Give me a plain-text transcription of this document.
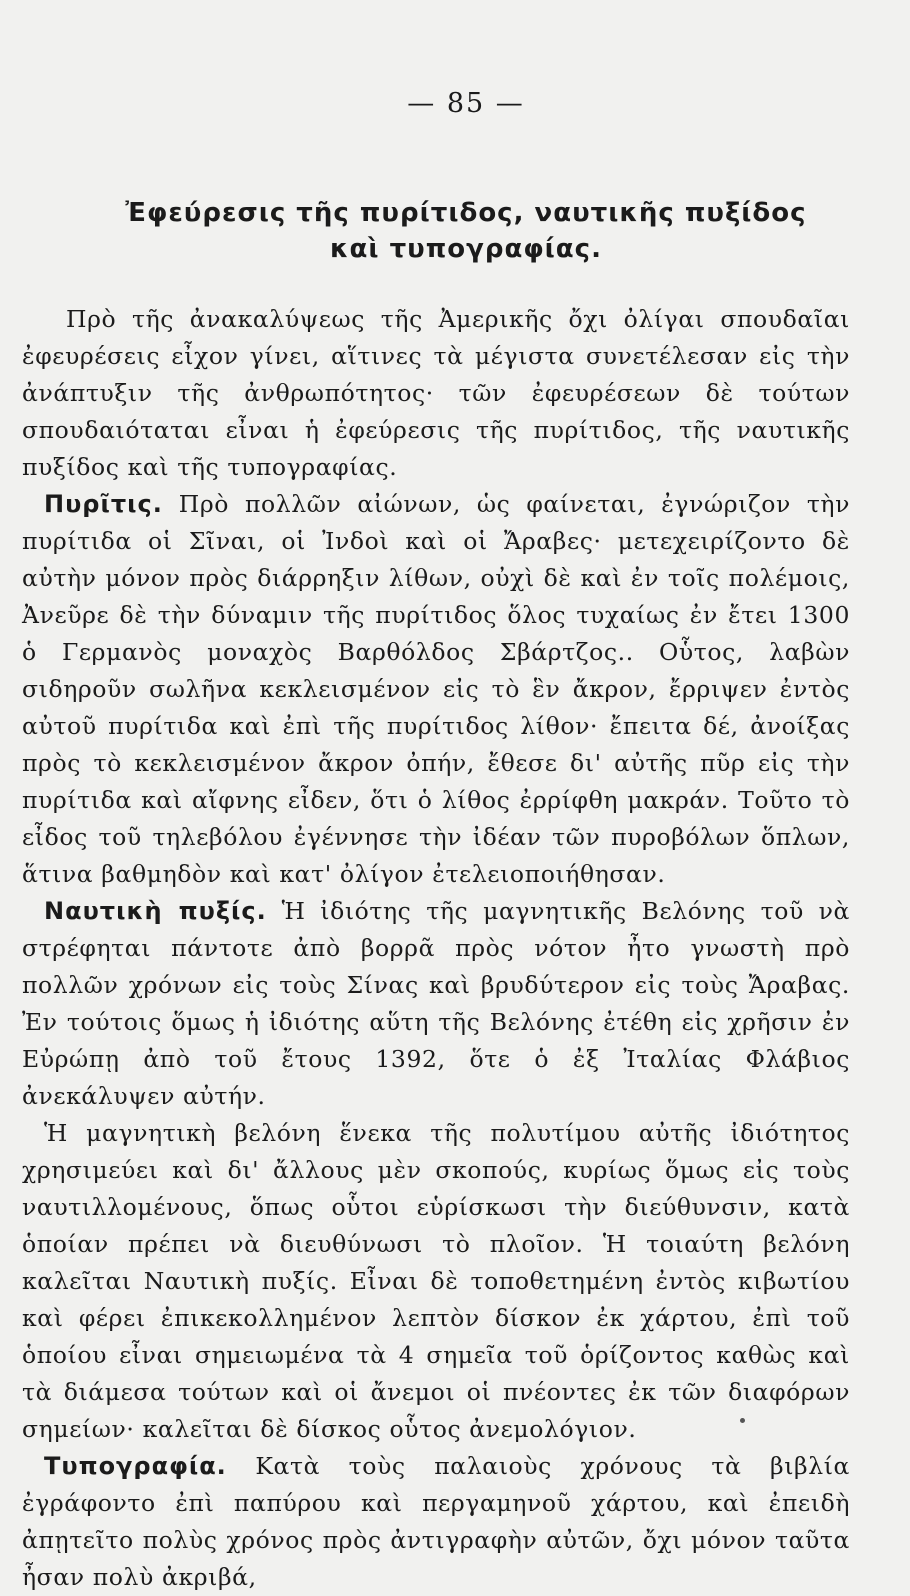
— 85 —
Ἐφεύρεσις τῆς πυρίτιδος, ναυτικῆς πυξίδος
καὶ τυπογραφίας.

Πρὸ τῆς ἀνακαλύψεως τῆς Ἀμερικῆς ὄχι ὀλίγαι σπουδαῖαι ἐφευρέσεις εἶχον γίνει, αἵτινες τὰ μέγιστα συνετέλεσαν εἰς τὴν ἀνάπτυξιν τῆς ἀνθρωπότητος· τῶν ἐφευρέσεων δὲ τούτων σπουδαιόταται εἶναι ἡ ἐφεύρεσις τῆς πυρίτιδος, τῆς ναυτικῆς πυξίδος καὶ τῆς τυπογραφίας.

Πυρῖτις. Πρὸ πολλῶν αἰώνων, ὡς φαίνεται, ἐγνώριζον τὴν πυρίτιδα οἱ Σῖναι, οἱ Ἰνδοὶ καὶ οἱ Ἄραβες· μετεχειρίζοντο δὲ αὐτὴν μόνον πρὸς διάρρηξιν λίθων, οὐχὶ δὲ καὶ ἐν τοῖς πολέμοις, Ἀνεῦρε δὲ τὴν δύναμιν τῆς πυρίτιδος ὅλος τυχαίως ἐν ἔτει 1300 ὁ Γερμανὸς μοναχὸς Βαρθόλδος Σβάρτζος.. Οὗτος, λαβὼν σιδηροῦν σωλῆνα κεκλεισμένον εἰς τὸ ἓν ἄκρον, ἔρριψεν ἐντὸς αὐτοῦ πυρίτιδα καὶ ἐπὶ τῆς πυρίτιδος λίθον· ἔπειτα δέ, ἀνοίξας πρὸς τὸ κεκλεισμένον ἄκρον ὀπήν, ἔθεσε δι' αὐτῆς πῦρ εἰς τὴν πυρίτιδα καὶ αἴφνης εἶδεν, ὅτι ὁ λίθος ἐρρίφθη μακράν. Τοῦτο τὸ εἶδος τοῦ τηλεβόλου ἐγέννησε τὴν ἰδέαν τῶν πυροβόλων ὅπλων, ἅτινα βαθμηδὸν καὶ κατ' ὀλίγον ἐτελειοποιήθησαν.

Ναυτικὴ πυξίς. Ἡ ἰδιότης τῆς μαγνητικῆς Βελόνης τοῦ νὰ στρέφηται πάντοτε ἀπὸ βορρᾶ πρὸς νότον ἦτο γνωστὴ πρὸ πολλῶν χρόνων εἰς τοὺς Σίνας καὶ βρυδύτερον εἰς τοὺς Ἄραβας. Ἐν τούτοις ὅμως ἡ ἰδιότης αὕτη τῆς Βελόνης ἐτέθη εἰς χρῆσιν ἐν Εὐρώπῃ ἀπὸ τοῦ ἔτους 1392, ὅτε ὁ ἐξ Ἰταλίας Φλάβιος ἀνεκάλυψεν αὐτήν.

Ἡ μαγνητικὴ βελόνη ἕνεκα τῆς πολυτίμου αὐτῆς ἰδιότητος χρησιμεύει καὶ δι' ἄλλους μὲν σκοπούς, κυρίως ὅμως εἰς τοὺς ναυτιλλομένους, ὅπως οὗτοι εὑρίσκωσι τὴν διεύθυνσιν, κατὰ ὁποίαν πρέπει νὰ διευθύνωσι τὸ πλοῖον. Ἡ τοιαύτη βελόνη καλεῖται Ναυτικὴ πυξίς. Εἶναι δὲ τοποθετημένη ἐντὸς κιβωτίου καὶ φέρει ἐπικεκολλημένον λεπτὸν δίσκον ἐκ χάρτου, ἐπὶ τοῦ ὁποίου εἶναι σημειωμένα τὰ 4 σημεῖα τοῦ ὁρίζοντος καθὼς καὶ τὰ διάμεσα τούτων καὶ οἱ ἄνεμοι οἱ πνέοντες ἐκ τῶν διαφόρων σημείων· καλεῖται δὲ δίσκος οὗτος ἀνεμολόγιον.

Τυπογραφία. Κατὰ τοὺς παλαιοὺς χρόνους τὰ βιβλία ἐγράφοντο ἐπὶ παπύρου καὶ περγαμηνοῦ χάρτου, καὶ ἐπειδὴ ἀπῃτεῖτο πολὺς χρόνος πρὸς ἀντιγραφὴν αὐτῶν, ὄχι μόνον ταῦτα ἦσαν πολὺ ἀκριβά,
